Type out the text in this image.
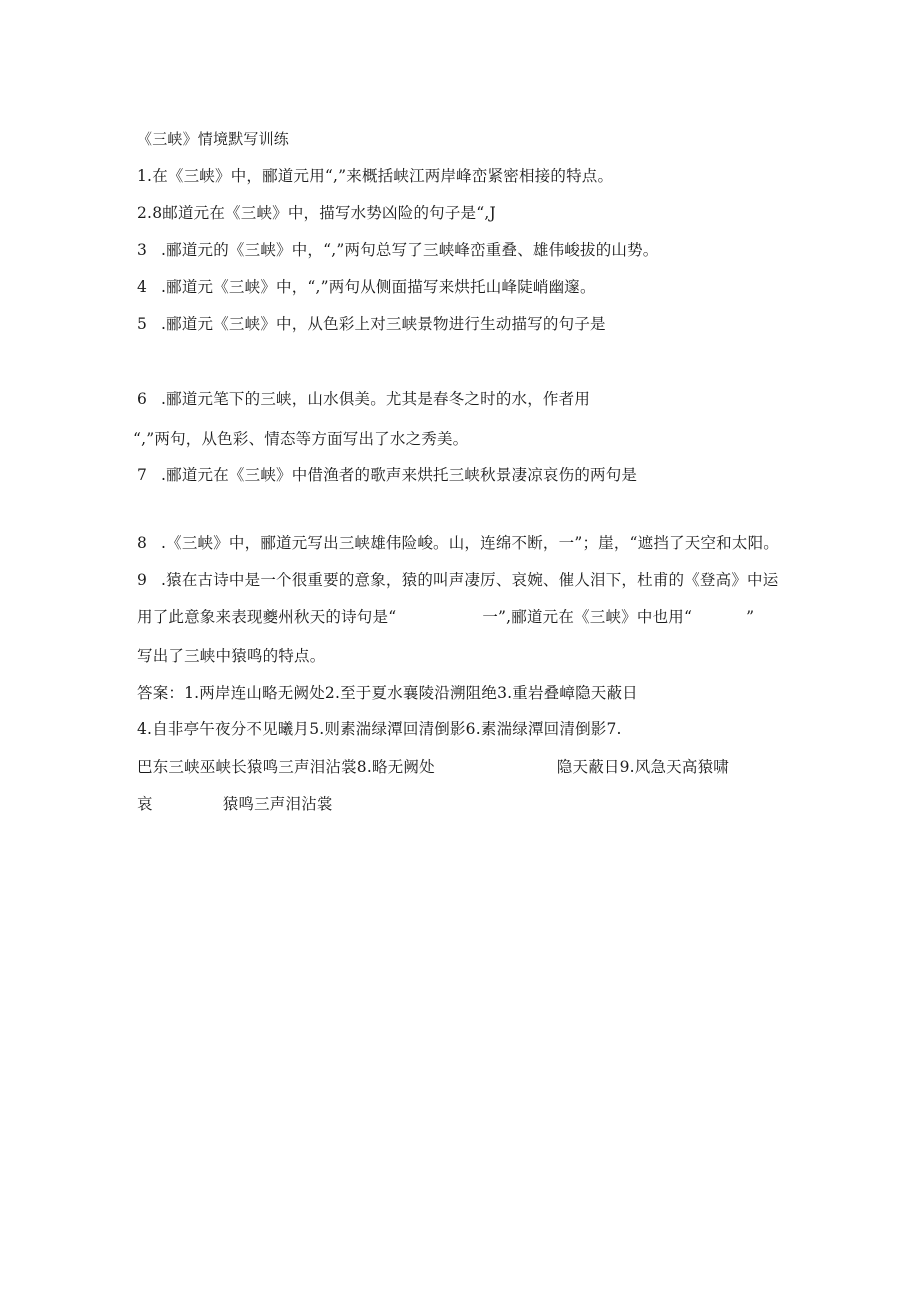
《三峡》情境默写训练
1.在《三峡》中，郦道元用“,”来概括峡江两岸峰峦紧密相接的特点。
2.8邮道元在《三峡》中，描写水势凶险的句子是“,J
3 .郦道元的《三峡》中，“,”两句总写了三峡峰峦重叠、雄伟峻拔的山势。
4 .郦道元《三峡》中，“,”两句从侧面描写来烘托山峰陡峭幽邃。
5 .郦道元《三峡》中，从色彩上对三峡景物进行生动描写的句子是
6 .郦道元笔下的三峡，山水俱美。尤其是春冬之时的水，作者用
“,”两句，从色彩、情态等方面写出了水之秀美。
7 .郦道元在《三峡》中借渔者的歌声来烘托三峡秋景凄凉哀伤的两句是
8 .《三峡》中，郦道元写出三峡雄伟险峻。山，连绵不断，一”；崖，“遮挡了天空和太阳。
9 .猿在古诗中是一个很重要的意象，猿的叫声凄厉、哀婉、催人泪下，杜甫的《登高》中运
用了此意象来表现夔州秋天的诗句是“	一”,郦道元在《三峡》中也用“	”
写出了三峡中猿鸣的特点。
答案：1.两岸连山略无阙处2.至于夏水襄陵沿溯阻绝3.重岩叠嶂隐天蔽日
4.自非亭午夜分不见曦月5.则素湍绿潭回清倒影6.素湍绿潭回清倒影7.
巴东三峡巫峡长猿鸣三声泪沾裳8.略无阙处	隐天蔽日9.风急天高猿啸
哀	猿鸣三声泪沾裳
